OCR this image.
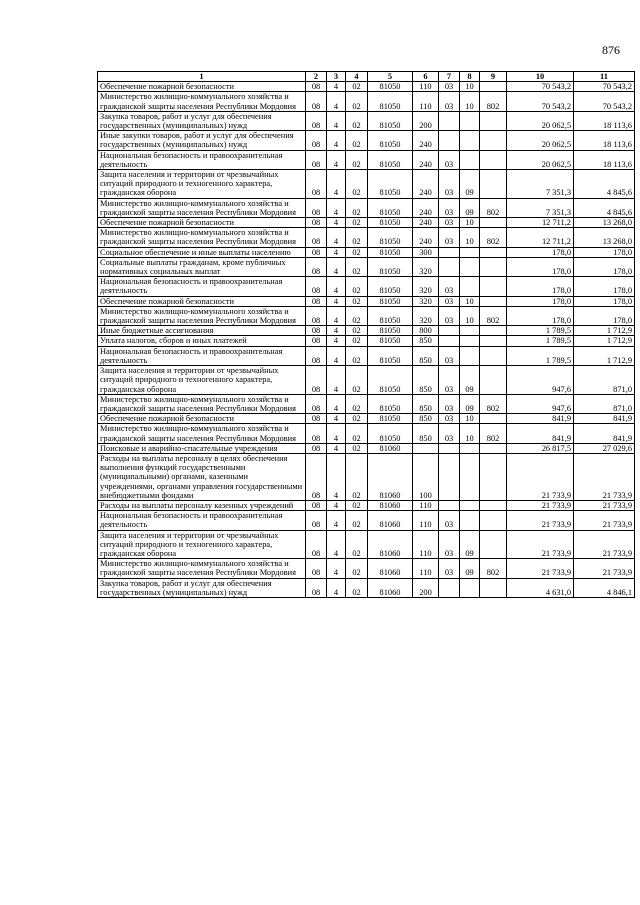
876
1	2	3	4	5	6	7	8	9	10	11
Обеспечение пожарной безопасности	08	4	02	81050	110	03	10		70 543,2	70 543,2
Министерство жилищно-коммунального хозяйства и гражданской защиты населения Республики Мордовия	08	4	02	81050	110	03	10	802	70 543,2	70 543,2
Закупка товаров, работ и услуг для обеспечения государственных (муниципальных) нужд	08	4	02	81050	200				20 062,5	18 113,6
Иные закупки товаров, работ и услуг для обеспечения государственных (муниципальных) нужд	08	4	02	81050	240				20 062,5	18 113,6
Национальная безопасность и правоохранительная деятельность	08	4	02	81050	240	03			20 062,5	18 113,6
Защита населения и территории от чрезвычайных ситуаций природного и техногенного характера, гражданская оборона	08	4	02	81050	240	03	09		7 351,3	4 845,6
Министерство жилищно-коммунального хозяйства и гражданской защиты населения Республики Мордовия	08	4	02	81050	240	03	09	802	7 351,3	4 845,6
Обеспечение пожарной безопасности	08	4	02	81050	240	03	10		12 711,2	13 268,0
Министерство жилищно-коммунального хозяйства и гражданской защиты населения Республики Мордовия	08	4	02	81050	240	03	10	802	12 711,2	13 268,0
Социальное обеспечение и иные выплаты населению	08	4	02	81050	300				178,0	178,0
Социальные выплаты гражданам, кроме публичных нормативных социальных выплат	08	4	02	81050	320				178,0	178,0
Национальная безопасность и правоохранительная деятельность	08	4	02	81050	320	03			178,0	178,0
Обеспечение пожарной безопасности	08	4	02	81050	320	03	10		178,0	178,0
Министерство жилищно-коммунального хозяйства и гражданской защиты населения Республики Мордовия	08	4	02	81050	320	03	10	802	178,0	178,0
Иные бюджетные ассигнования	08	4	02	81050	800				1 789,5	1 712,9
Уплата налогов, сборов и иных платежей	08	4	02	81050	850				1 789,5	1 712,9
Национальная безопасность и правоохранительная деятельность	08	4	02	81050	850	03			1 789,5	1 712,9
Защита населения и территории от чрезвычайных ситуаций природного и техногенного характера, гражданская оборона	08	4	02	81050	850	03	09		947,6	871,0
Министерство жилищно-коммунального хозяйства и гражданской защиты населения Республики Мордовия	08	4	02	81050	850	03	09	802	947,6	871,0
Обеспечение пожарной безопасности	08	4	02	81050	850	03	10		841,9	841,9
Министерство жилищно-коммунального хозяйства и гражданской защиты населения Республики Мордовия	08	4	02	81050	850	03	10	802	841,9	841,9
Поисковые и аварийно-спасательные учреждения	08	4	02	81060					26 817,5	27 029,6
Расходы на выплаты персоналу в целях обеспечения выполнения функций государственными (муниципальными) органами, казенными учреждениями, органами управления государственными внебюджетными фондами	08	4	02	81060	100				21 733,9	21 733,9
Расходы на выплаты персоналу казенных учреждений	08	4	02	81060	110				21 733,9	21 733,9
Национальная безопасность и правоохранительная деятельность	08	4	02	81060	110	03			21 733,9	21 733,9
Защита населения и территории от чрезвычайных ситуаций природного и техногенного характера, гражданская оборона	08	4	02	81060	110	03	09		21 733,9	21 733,9
Министерство жилищно-коммунального хозяйства и гражданской защиты населения Республики Мордовия	08	4	02	81060	110	03	09	802	21 733,9	21 733,9
Закупка товаров, работ и услуг для обеспечения государственных (муниципальных) нужд	08	4	02	81060	200				4 631,0	4 846,1
